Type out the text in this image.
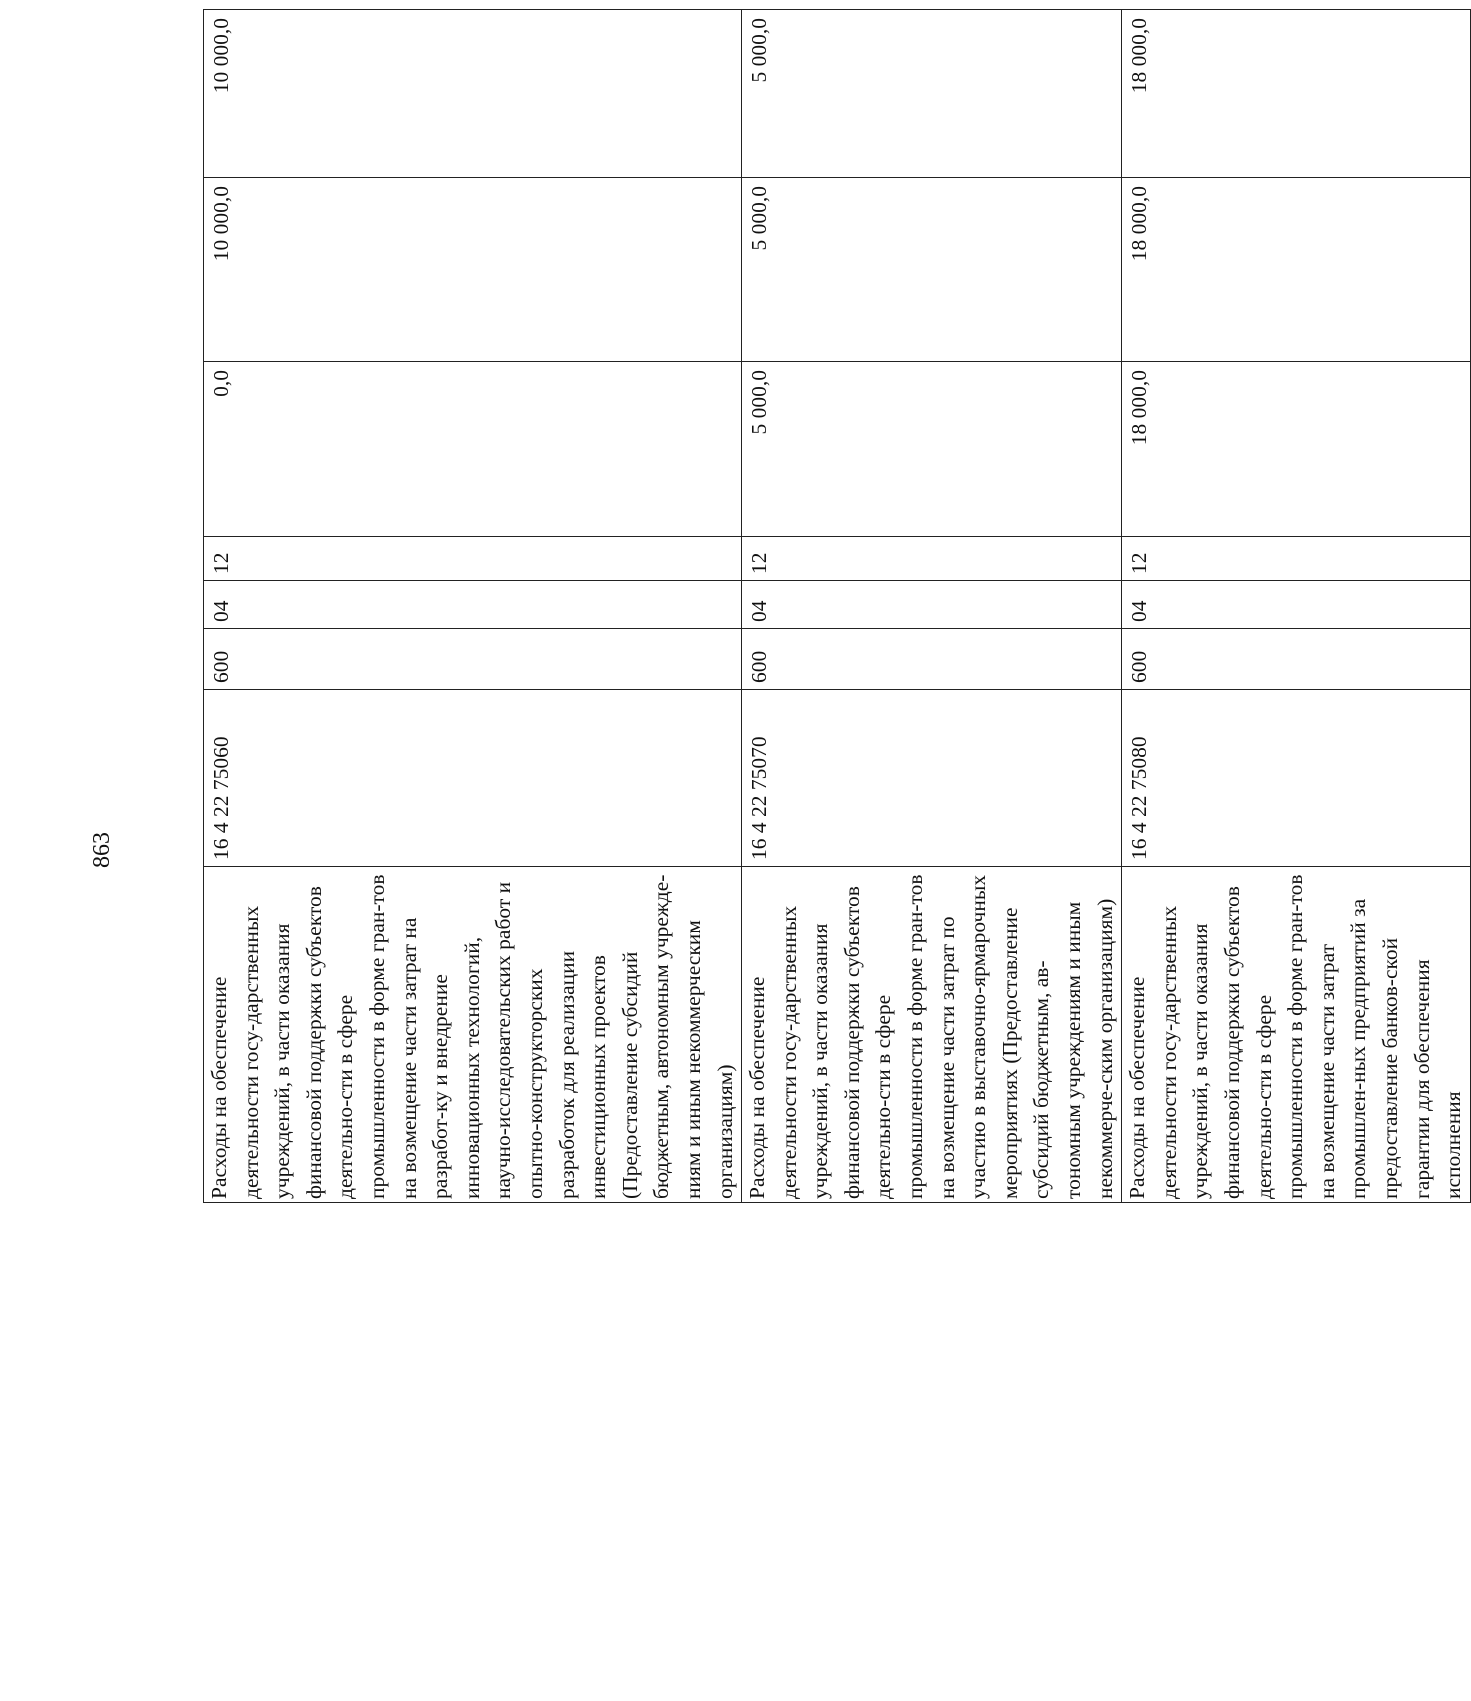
863
Расходы на обеспечение деятельности госу-дарственных учреждений, в части оказания финансовой поддержки субъектов деятельно-сти в сфере промышленности в форме гран-тов на возмещение части затрат на разработ-ку и внедрение инновационных технологий, научно-исследовательских работ и опытно-конструкторских разработок для реализации инвестиционных проектов (Предоставление субсидий бюджетным, автономным учрежде-ниям и иным некоммерческим организациям)	16 4 22 75060	600	04	12	0,0	10 000,0	10 000,0
Расходы на обеспечение деятельности госу-дарственных учреждений, в части оказания финансовой поддержки субъектов деятельно-сти в сфере промышленности в форме гран-тов на возмещение части затрат по участию в выставочно-ярмарочных мероприятиях (Предоставление субсидий бюджетным, ав-тономным учреждениям и иным некоммерче-ским организациям)	16 4 22 75070	600	04	12	5 000,0	5 000,0	5 000,0
Расходы на обеспечение деятельности госу-дарственных учреждений, в части оказания финансовой поддержки субъектов деятельно-сти в сфере промышленности в форме гран-тов на возмещение части затрат промышлен-ных предприятий за предоставление банков-ской гарантии для обеспечения исполнения	16 4 22 75080	600	04	12	18 000,0	18 000,0	18 000,0
